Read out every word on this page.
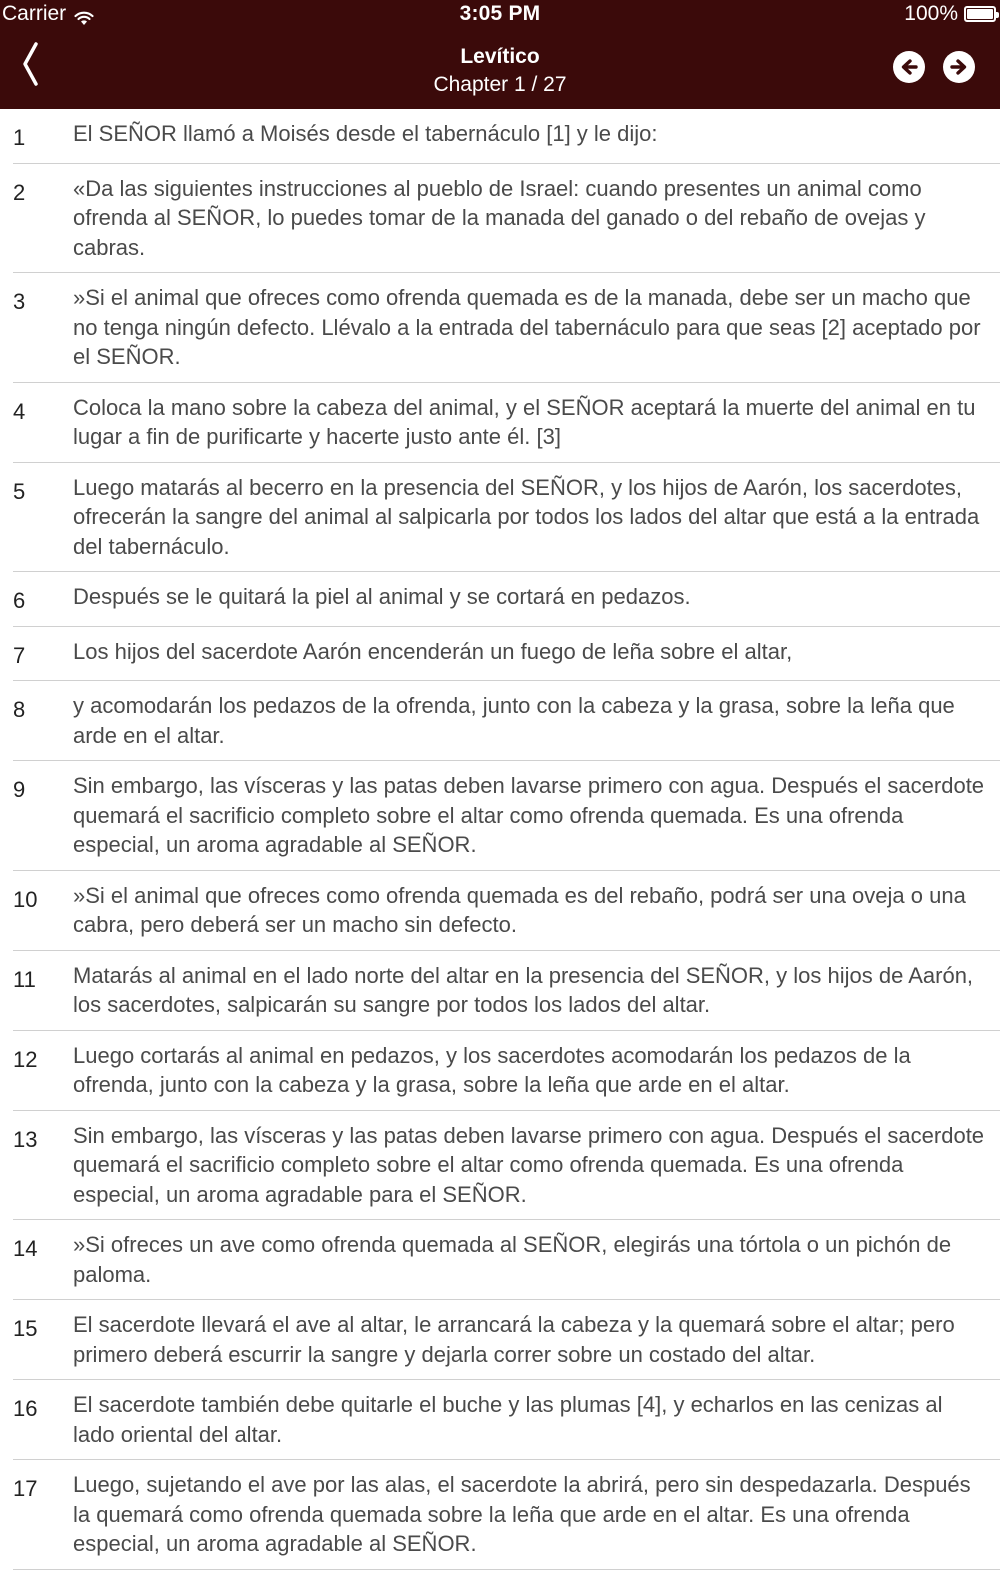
Carrier	3:05 PM	100%
Levítico
Chapter 1 / 27
1	El SEÑOR llamó a Moisés desde el tabernáculo [1] y le dijo:
2	«Da las siguientes instrucciones al pueblo de Israel: cuando presentes un animal como ofrenda al SEÑOR, lo puedes tomar de la manada del ganado o del rebaño de ovejas y cabras.
3	»Si el animal que ofreces como ofrenda quemada es de la manada, debe ser un macho que no tenga ningún defecto. Llévalo a la entrada del tabernáculo para que seas [2] aceptado por el SEÑOR.
4	Coloca la mano sobre la cabeza del animal, y el SEÑOR aceptará la muerte del animal en tu lugar a fin de purificarte y hacerte justo ante él. [3]
5	Luego matarás al becerro en la presencia del SEÑOR, y los hijos de Aarón, los sacerdotes, ofrecerán la sangre del animal al salpicarla por todos los lados del altar que está a la entrada del tabernáculo.
6	Después se le quitará la piel al animal y se cortará en pedazos.
7	Los hijos del sacerdote Aarón encenderán un fuego de leña sobre el altar,
8	y acomodarán los pedazos de la ofrenda, junto con la cabeza y la grasa, sobre la leña que arde en el altar.
9	Sin embargo, las vísceras y las patas deben lavarse primero con agua. Después el sacerdote quemará el sacrificio completo sobre el altar como ofrenda quemada. Es una ofrenda especial, un aroma agradable al SEÑOR.
10	»Si el animal que ofreces como ofrenda quemada es del rebaño, podrá ser una oveja o una cabra, pero deberá ser un macho sin defecto.
11	Matarás al animal en el lado norte del altar en la presencia del SEÑOR, y los hijos de Aarón, los sacerdotes, salpicarán su sangre por todos los lados del altar.
12	Luego cortarás al animal en pedazos, y los sacerdotes acomodarán los pedazos de la ofrenda, junto con la cabeza y la grasa, sobre la leña que arde en el altar.
13	Sin embargo, las vísceras y las patas deben lavarse primero con agua. Después el sacerdote quemará el sacrificio completo sobre el altar como ofrenda quemada. Es una ofrenda especial, un aroma agradable para el SEÑOR.
14	»Si ofreces un ave como ofrenda quemada al SEÑOR, elegirás una tórtola o un pichón de paloma.
15	El sacerdote llevará el ave al altar, le arrancará la cabeza y la quemará sobre el altar; pero primero deberá escurrir la sangre y dejarla correr sobre un costado del altar.
16	El sacerdote también debe quitarle el buche y las plumas [4], y echarlos en las cenizas al lado oriental del altar.
17	Luego, sujetando el ave por las alas, el sacerdote la abrirá, pero sin despedazarla. Después la quemará como ofrenda quemada sobre la leña que arde en el altar. Es una ofrenda especial, un aroma agradable al SEÑOR.
